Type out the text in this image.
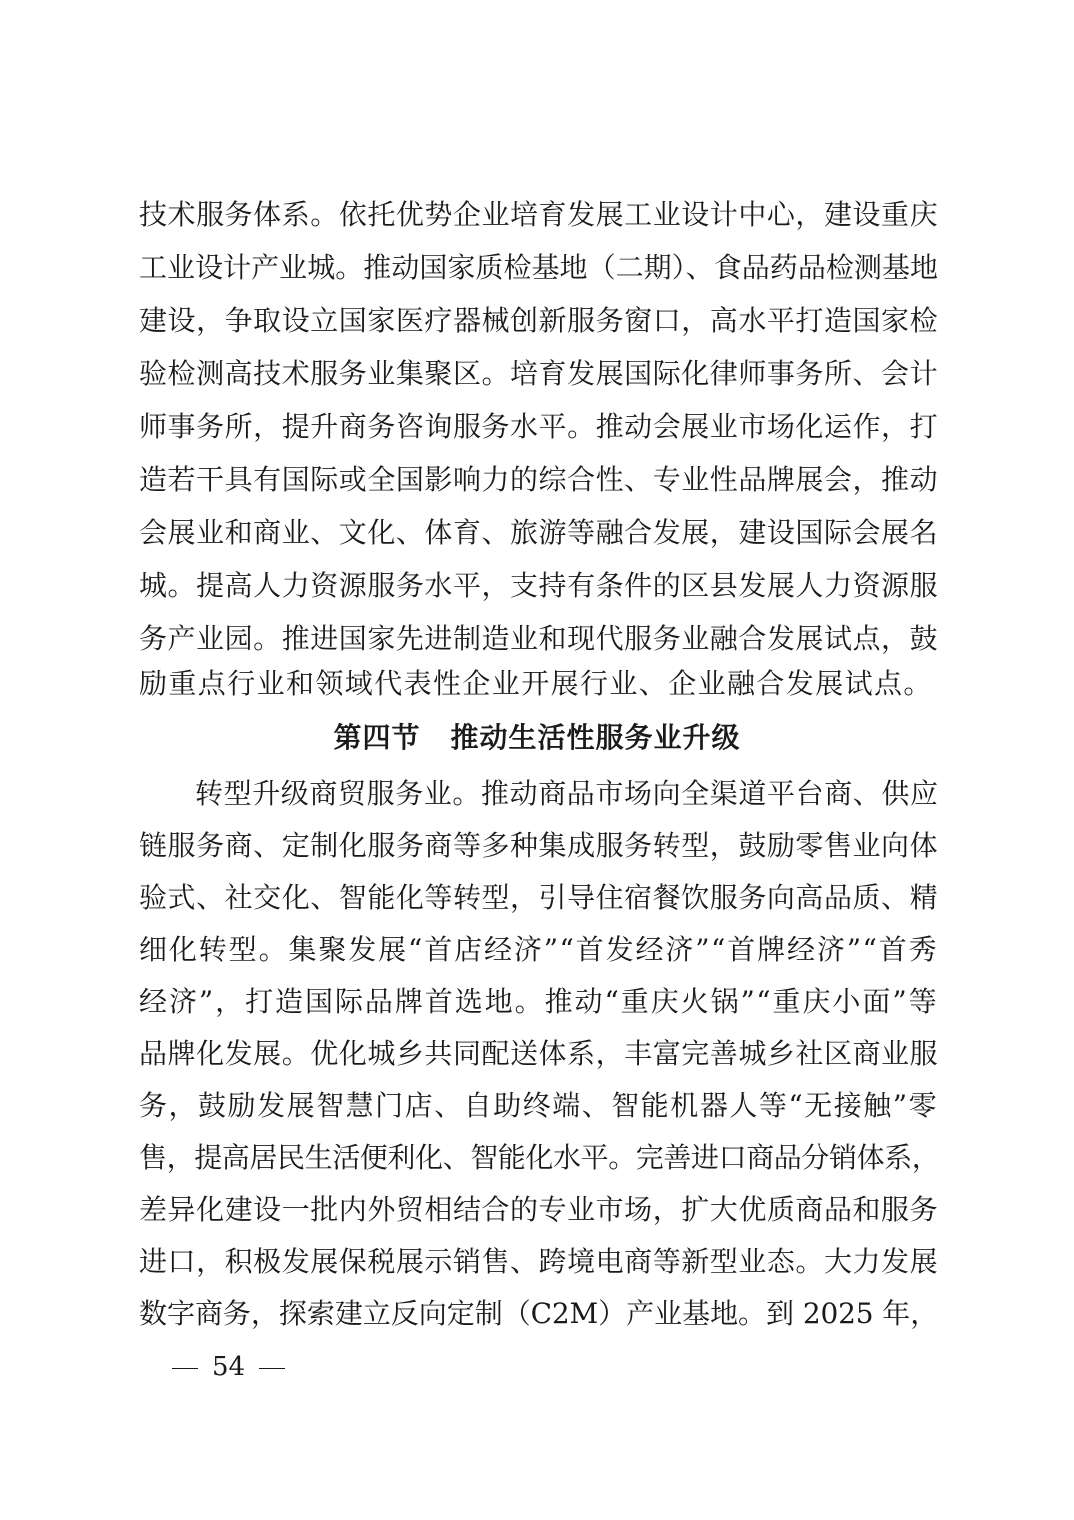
技术服务体系。依托优势企业培育发展工业设计中心，建设重庆
工业设计产业城。推动国家质检基地（二期）、食品药品检测基地
建设，争取设立国家医疗器械创新服务窗口，高水平打造国家检
验检测高技术服务业集聚区。培育发展国际化律师事务所、会计
师事务所，提升商务咨询服务水平。推动会展业市场化运作，打
造若干具有国际或全国影响力的综合性、专业性品牌展会，推动
会展业和商业、文化、体育、旅游等融合发展，建设国际会展名
城。提高人力资源服务水平，支持有条件的区县发展人力资源服
务产业园。推进国家先进制造业和现代服务业融合发展试点，鼓
励重点行业和领域代表性企业开展行业、企业融合发展试点。
第四节 推动生活性服务业升级
转型升级商贸服务业。推动商品市场向全渠道平台商、供应
链服务商、定制化服务商等多种集成服务转型，鼓励零售业向体
验式、社交化、智能化等转型，引导住宿餐饮服务向高品质、精
细化转型。集聚发展“首店经济”“首发经济”“首牌经济”“首秀
经济”，打造国际品牌首选地。推动“重庆火锅”“重庆小面”等
品牌化发展。优化城乡共同配送体系，丰富完善城乡社区商业服
务，鼓励发展智慧门店、自助终端、智能机器人等“无接触”零
售，提高居民生活便利化、智能化水平。完善进口商品分销体系，
差异化建设一批内外贸相结合的专业市场，扩大优质商品和服务
进口，积极发展保税展示销售、跨境电商等新型业态。大力发展
数字商务，探索建立反向定制（C2M）产业基地。到 2025 年，
54
